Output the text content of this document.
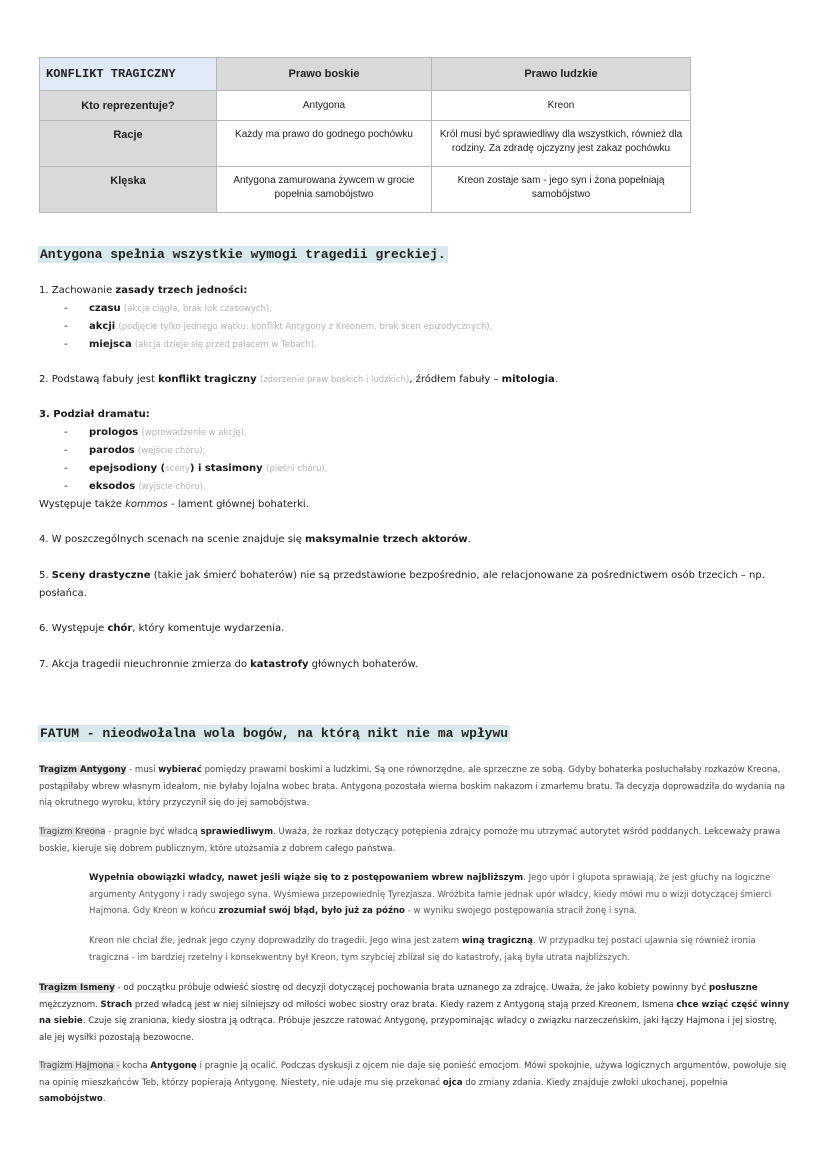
KONFLIKT TRAGICZNY	Prawo boskie	Prawo ludzkie
Kto reprezentuje?	Antygona	Kreon
Racje	Każdy ma prawo do godnego pochówku	Król musi być sprawiedliwy dla wszystkich, również dla rodziny. Za zdradę ojczyzny jest zakaz pochówku
Klęska	Antygona zamurowana żywcem w grocie popełnia samobójstwo	Kreon zostaje sam - jego syn i żona popełniają samobójstwo
Antygona spełnia wszystkie wymogi tragedii greckiej.
1. Zachowanie zasady trzech jedności:
- czasu (akcja ciągła, brak luk czasowych),
- akcji (podjęcie tylko jednego wątku: konflikt Antygony z Kreonem, brak scen epizodycznych),
- miejsca (akcja dzieje się przed pałacem w Tebach).
2. Podstawą fabuły jest konflikt tragiczny (zderzenie praw boskich i ludzkich), źródłem fabuły – mitologia.
3. Podział dramatu:
- prologos (wprowadzenie w akcję),
- parodos (wejście chóru),
- epejsodiony (sceny) i stasimony (pieśni chóru),
- eksodos (wyjście chóru).
Występuje także kommos - lament głównej bohaterki.
4. W poszczególnych scenach na scenie znajduje się maksymalnie trzech aktorów.
5. Sceny drastyczne (takie jak śmierć bohaterów) nie są przedstawione bezpośrednio, ale relacjonowane za pośrednictwem osób trzecich – np.
posłańca.
6. Występuje chór, który komentuje wydarzenia.
7. Akcja tragedii nieuchronnie zmierza do katastrofy głównych bohaterów.
FATUM - nieodwołalna wola bogów, na którą nikt nie ma wpływu
Tragizm Antygony - musi wybierać pomiędzy prawami boskimi a ludzkimi. Są one równorzędne, ale sprzeczne ze sobą. Gdyby bohaterka posłuchałaby rozkazów Kreona, postąpiłaby wbrew własnym ideałom, nie byłaby lojalna wobec brata. Antygona pozostała wierna boskim nakazom i zmarłemu bratu. Ta decyzja doprowadziła do wydania na nią okrutnego wyroku, który przyczynił się do jej samobójstwa.
Tragizm Kreona - pragnie być władcą sprawiedliwym. Uważa, że rozkaz dotyczący potępienia zdrajcy pomoże mu utrzymać autorytet wśród poddanych. Lekceważy prawa boskie, kieruje się dobrem publicznym, które utożsamia z dobrem całego państwa.
Wypełnia obowiązki władcy, nawet jeśli wiąże się to z postępowaniem wbrew najbliższym. Jego upór i głupota sprawiają, że jest głuchy na logiczne argumenty Antygony i rady swojego syna. Wyśmiewa przepowiednię Tyrezjasza. Wróżbita łamie jednak upór władcy, kiedy mówi mu o wizji dotyczącej śmierci Hajmona. Gdy Kreon w końcu zrozumiał swój błąd, było już za późno - w wyniku swojego postępowania stracił żonę i syna.
Kreon nie chciał źle, jednak jego czyny doprowadziły do tragedii. Jego wina jest zatem winą tragiczną. W przypadku tej postaci ujawnia się również ironia tragiczna - im bardziej rzetelny i konsekwentny był Kreon, tym szybciej zbliżał się do katastrofy, jaką była utrata najbliższych.
Tragizm Ismeny - od początku próbuje odwieść siostrę od decyzji dotyczącej pochowania brata uznanego za zdrajcę. Uważa, że jako kobiety powinny być posłuszne mężczyznom. Strach przed władcą jest w niej silniejszy od miłości wobec siostry oraz brata. Kiedy razem z Antygoną stają przed Kreonem, Ismena chce wziąć część winny na siebie. Czuje się zraniona, kiedy siostra ją odtrąca. Próbuje jeszcze ratować Antygonę, przypominając władcy o związku narzeczeńskim, jaki łączy Hajmona i jej siostrę, ale jej wysiłki pozostają bezowocne.
Tragizm Hajmona - kocha Antygonę i pragnie ją ocalić. Podczas dyskusji z ojcem nie daje się ponieść emocjom. Mówi spokojnie, używa logicznych argumentów, powołuje się na opinię mieszkańców Teb, którzy popierają Antygonę. Niestety, nie udaje mu się przekonać ojca do zmiany zdania. Kiedy znajduje zwłoki ukochanej, popełnia samobójstwo.
